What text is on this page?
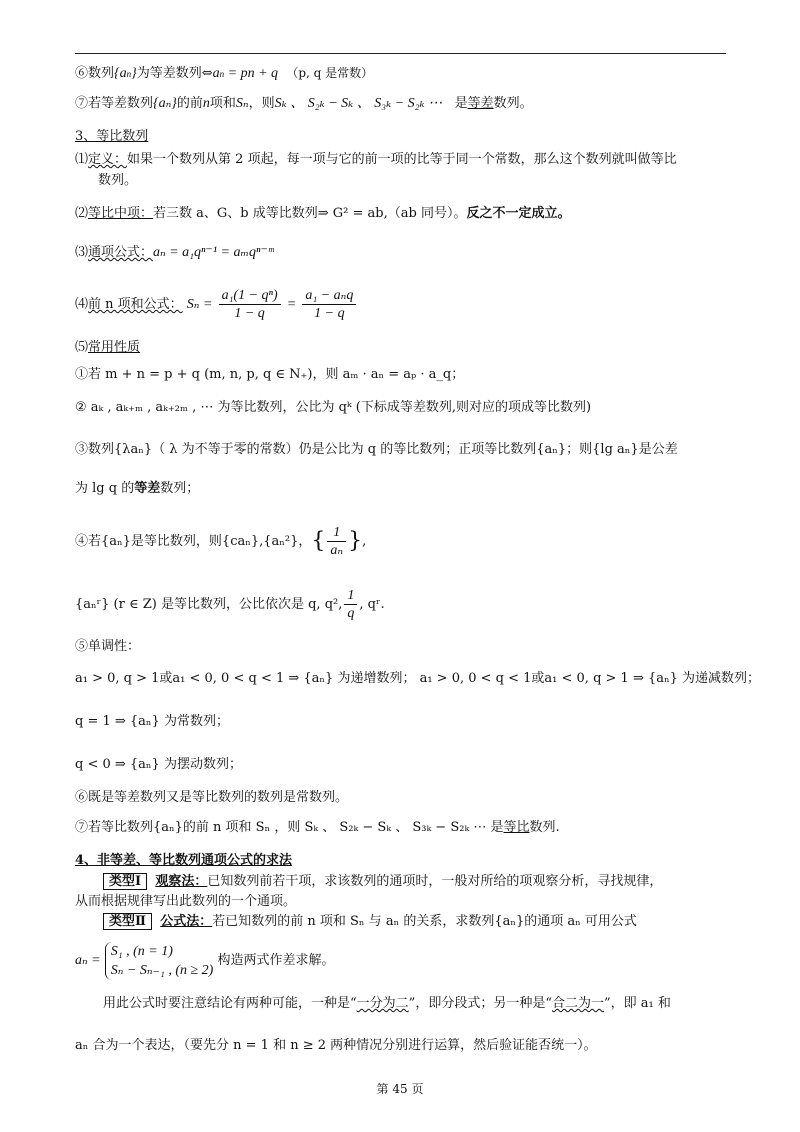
⑥数列{an}为等差数列⇔an = pn + q （p, q 是常数）
⑦若等差数列{aₙ}的前n项和Sₙ，则Sₖ 、 S₂ₖ − Sₖ 、 S₃ₖ − S₂ₖ ⋯ 是等差数列。
3、等比数列
⑴定义：如果一个数列从第 2 项起，每一项与它的前一项的比等于同一个常数，那么这个数列就叫做等比
数列。
⑵等比中项：若三数 a、G、b 成等比数列⇒ G² = ab,（ab 同号）。反之不一定成立。
⑶通项公式：aₙ = a₁qⁿ⁻¹ = aₘqⁿ⁻ᵐ
⑷前 n 项和公式： $S_n = \frac{\text{a₁(1 − qⁿ)}}{1 - q} = \frac{\text{a₁ − aₙq}}{1 - q}$
⑸常用性质
①若 m + n = p + q (m, n, p, q ∈ N₊)，则 aₘ · aₙ = aₚ · a_q；
② aₖ , aₖ₊ₘ , aₖ₊₂ₘ , ⋯ 为等比数列，公比为 qᵏ (下标成等差数列,则对应的项成等比数列)
③数列{λaₙ}（ λ 为不等于零的常数）仍是公比为 q 的等比数列；正项等比数列{aₙ}；则{lg aₙ}是公差
为 lg q 的等差数列；
④若{aₙ}是等比数列，则{caₙ},{aₙ²}，{ $\frac{1}{\text{aₙ}}$ },
{aₙʳ} (r ∈ Z) 是等比数列，公比依次是 q, q², $\frac{1}{q}$ , qʳ.
⑤单调性：
a₁ > 0, q > 1或a₁ < 0, 0 < q < 1 ⇒ {aₙ} 为递增数列； a₁ > 0, 0 < q < 1或a₁ < 0, q > 1 ⇒ {aₙ} 为递减数列；
q = 1 ⇒ {aₙ} 为常数列；
q < 0 ⇒ {aₙ} 为摆动数列；
⑥既是等差数列又是等比数列的数列是常数列。
⑦若等比数列{aₙ}的前 n 项和 Sₙ ，则 Sₖ 、 S₂ₖ − Sₖ 、 S₃ₖ − S₂ₖ ⋯ 是等比数列.
4、非等差、等比数列通项公式的求法
类型Ⅰ 观察法：已知数列前若干项，求该数列的通项时，一般对所给的项观察分析，寻找规律，
从而根据规律写出此数列的一个通项。
类型Ⅱ 公式法：若已知数列的前 n 项和 Sₙ 与 aₙ 的关系，求数列{aₙ}的通项 aₙ 可用公式
aₙ =
S₁ , (n = 1)
Sₙ − Sₙ₋₁ , (n ≥ 2)
构造两式作差求解。
用此公式时要注意结论有两种可能，一种是“一分为二”，即分段式；另一种是“合二为一”，即 a₁ 和
aₙ 合为一个表达，（要先分 n = 1 和 n ≥ 2 两种情况分别进行运算，然后验证能否统一）。
第 45 页
